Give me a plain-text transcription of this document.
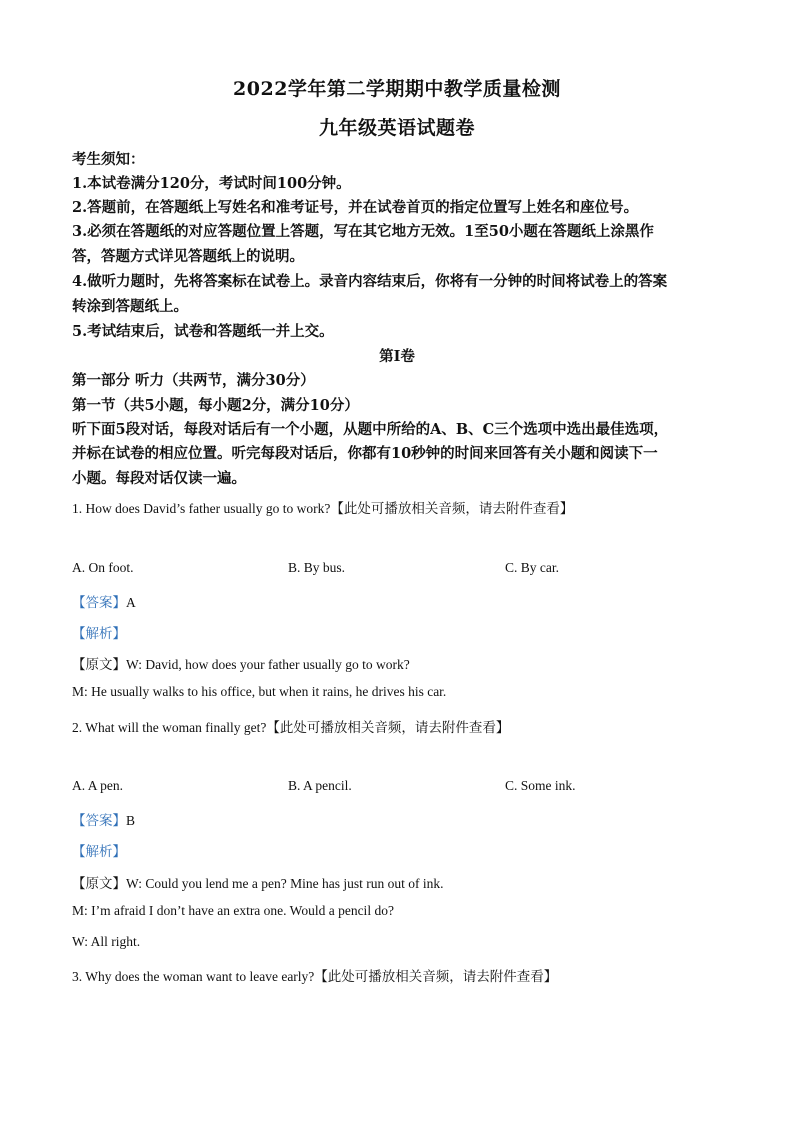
2022学年第二学期期中教学质量检测
九年级英语试题卷
考生须知：
1.本试卷满分120分，考试时间100分钟。
2.答题前，在答题纸上写姓名和准考证号，并在试卷首页的指定位置写上姓名和座位号。
3.必须在答题纸的对应答题位置上答题，写在其它地方无效。1至50小题在答题纸上涂黑作
答，答题方式详见答题纸上的说明。
4.做听力题时，先将答案标在试卷上。录音内容结束后，你将有一分钟的时间将试卷上的答案
转涂到答题纸上。
5.考试结束后，试卷和答题纸一并上交。
第Ⅰ卷
第一部分 听力（共两节，满分30分）
第一节（共5小题，每小题2分，满分10分）
听下面5段对话，每段对话后有一个小题，从题中所给的A、B、C三个选项中选出最佳选项，
并标在试卷的相应位置。听完每段对话后，你都有10秒钟的时间来回答有关小题和阅读下一
小题。每段对话仅读一遍。
1. How does David’s father usually go to work?【此处可播放相关音频，请去附件查看】
A. On foot.	B. By bus.	C. By car.
【答案】A
【解析】
【原文】W: David, how does your father usually go to work?
M: He usually walks to his office, but when it rains, he drives his car.
2. What will the woman finally get?【此处可播放相关音频，请去附件查看】
A. A pen.	B. A pencil.	C. Some ink.
【答案】B
【解析】
【原文】W: Could you lend me a pen? Mine has just run out of ink.
M: I’m afraid I don’t have an extra one. Would a pencil do?
W: All right.
3. Why does the woman want to leave early?【此处可播放相关音频，请去附件查看】
